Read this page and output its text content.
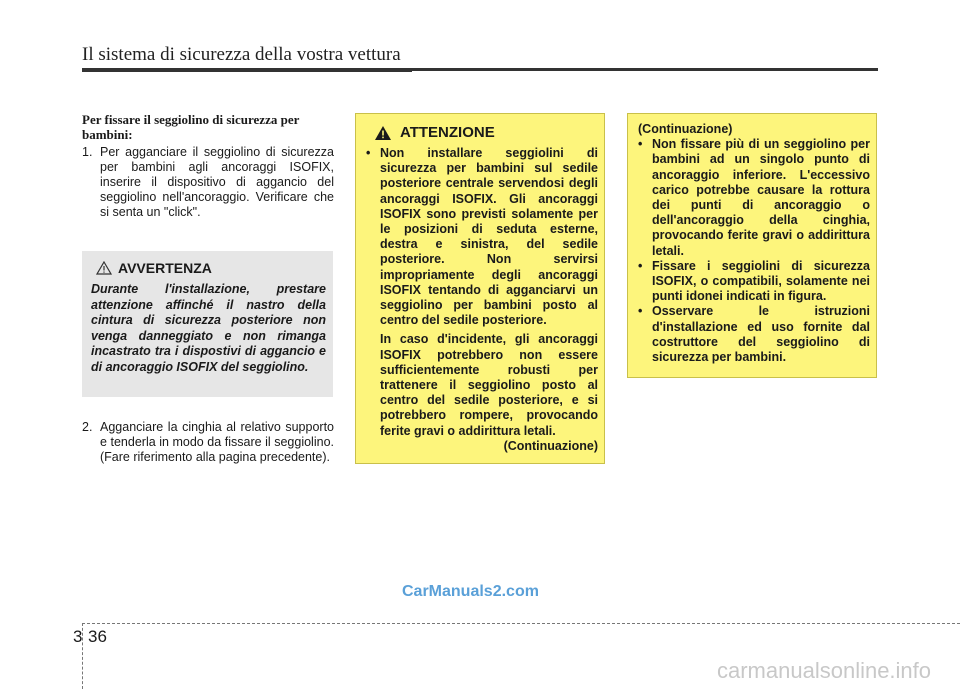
Il sistema di sicurezza della vostra vettura
Per fissare il seggiolino di sicurezza per bambini:
1. Per agganciare il seggiolino di sicurezza per bambini agli ancoraggi ISOFIX, inserire il dispositivo di aggancio del seggiolino nell'ancoraggio. Verificare che si senta un "click".
AVVERTENZA
Durante l'installazione, prestare attenzione affinché il nastro della cintura di sicurezza posteriore non venga danneggiato e non rimanga incastrato tra i dispostivi di aggancio e di ancoraggio ISOFIX del seggiolino.
2. Agganciare la cinghia al relativo supporto e tenderla in modo da fissare il seggiolino. (Fare riferimento alla pagina precedente).
ATTENZIONE
• Non installare seggiolini di sicurezza per bambini sul sedile posteriore centrale servendosi degli ancoraggi ISOFIX. Gli ancoraggi ISOFIX sono previsti solamente per le posizioni di seduta esterne, destra e sinistra, del sedile posteriore. Non servirsi impropriamente degli ancoraggi ISOFIX tentando di agganciarvi un seggiolino per bambini posto al centro del sedile posteriore.
In caso d'incidente, gli ancoraggi ISOFIX potrebbero non essere sufficientemente robusti per trattenere il seggiolino posto al centro del sedile posteriore, e si potrebbero rompere, provocando ferite gravi o addirittura letali.
(Continuazione)
(Continuazione)
• Non fissare più di un seggiolino per bambini ad un singolo punto di ancoraggio inferiore. L'eccessivo carico potrebbe causare la rottura dei punti di ancoraggio o dell'ancoraggio della cinghia, provocando ferite gravi o addirittura letali.
• Fissare i seggiolini di sicurezza ISOFIX, o compatibili, solamente nei punti idonei indicati in figura.
• Osservare le istruzioni d'installazione ed uso fornite dal costruttore del seggiolino di sicurezza per bambini.
CarManuals2.com
3 36
carmanualsonline.info
